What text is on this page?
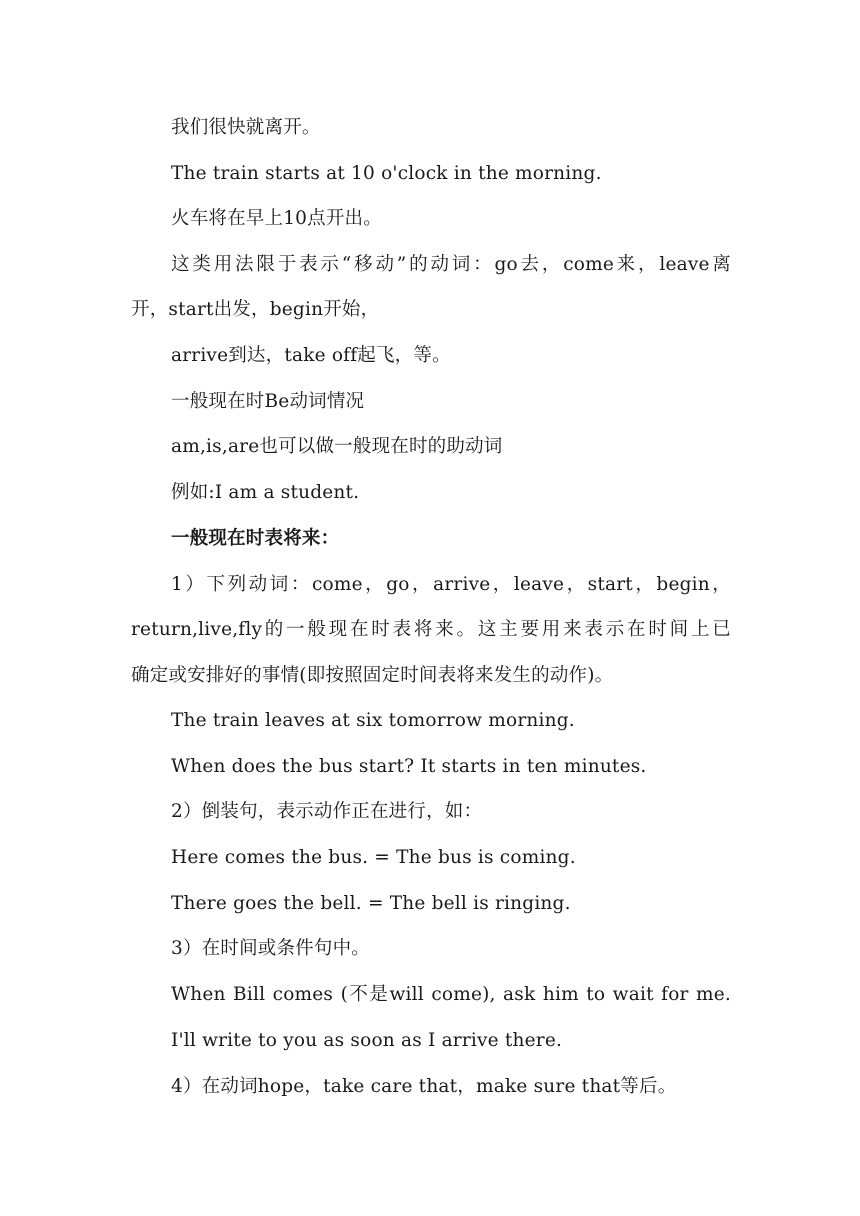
我们很快就离开。
The train starts at 10 o'clock in the morning.
火车将在早上10点开出。
这类用法限于表示“移动”的动词：go去，come来，leave离
开，start出发，begin开始，
arrive到达，take off起飞，等。
一般现在时Be动词情况
am,is,are也可以做一般现在时的助动词
例如:I am a student.
一般现在时表将来：
1）下列动词：come，go，arrive，leave，start，begin，
return,live,fly的一般现在时表将来。这主要用来表示在时间上已
确定或安排好的事情(即按照固定时间表将来发生的动作)。
The train leaves at six tomorrow morning.
When does the bus start? It starts in ten minutes.
2）倒装句，表示动作正在进行，如：
Here comes the bus. = The bus is coming.
There goes the bell. = The bell is ringing.
3）在时间或条件句中。
When Bill comes (不是will come), ask him to wait for me.
I'll write to you as soon as I arrive there.
4）在动词hope，take care that，make sure that等后。
